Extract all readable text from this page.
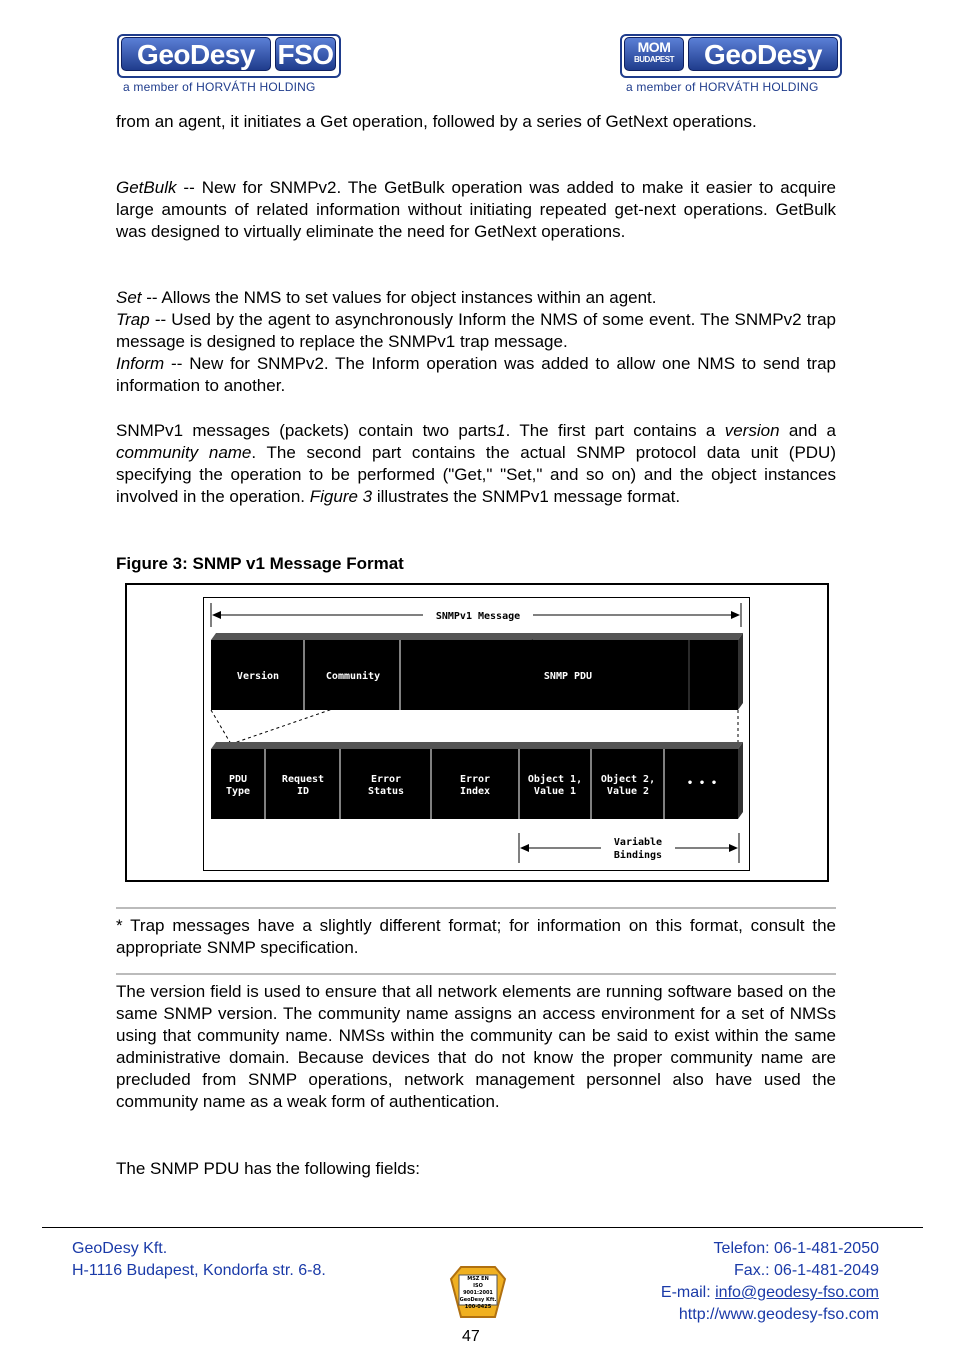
GeoDesy FSO
a member of HORVÁTH HOLDING
MOM
BUDAPEST	GeoDesy
a member of HORVÁTH HOLDING

from an agent, it initiates a Get operation, followed by a series of GetNext operations.

GetBulk -- New for SNMPv2. The GetBulk operation was added to make it easier to acquire large amounts of related information without initiating repeated get-next operations. GetBulk was designed to virtually eliminate the need for GetNext operations.

Set -- Allows the NMS to set values for object instances within an agent.

Trap -- Used by the agent to asynchronously Inform the NMS of some event. The SNMPv2 trap message is designed to replace the SNMPv1 trap message.

Inform -- New for SNMPv2. The Inform operation was added to allow one NMS to send trap information to another.

SNMPv1 messages (packets) contain two parts1. The first part contains a version and a community name. The second part contains the actual SNMP protocol data unit (PDU) specifying the operation to be performed ("Get," "Set," and so on) and the object instances involved in the operation. Figure 3 illustrates the SNMPv1 message format.

Figure 3: SNMP v1 Message Format
SNMPv1 Message
Version	Community	SNMP PDU
PDU
Type
Request
ID
Error
Status
Error
Index
Object 1,
Value 1
Object 2,
Value 2
• • •
Variable
Bindings

* Trap messages have a slightly different format; for information on this format, consult the appropriate SNMP specification.

The version field is used to ensure that all network elements are running software based on the same SNMP version. The community name assigns an access environment for a set of NMSs using that community name. NMSs within the community can be said to exist within the same administrative domain. Because devices that do not know the proper community name are precluded from SNMP operations, network management personnel also have used the community name as a weak form of authentication.

The SNMP PDU has the following fields:

GeoDesy Kft.
H-1116 Budapest, Kondorfa str. 6-8.
Telefon: 06-1-481-2050
Fax.: 06-1-481-2049
E-mail: info@geodesy-fso.com
http://www.geodesy-fso.com
MSZ EN
ISO 9001:2001
GeoDesy Kft.
100-0425
47
